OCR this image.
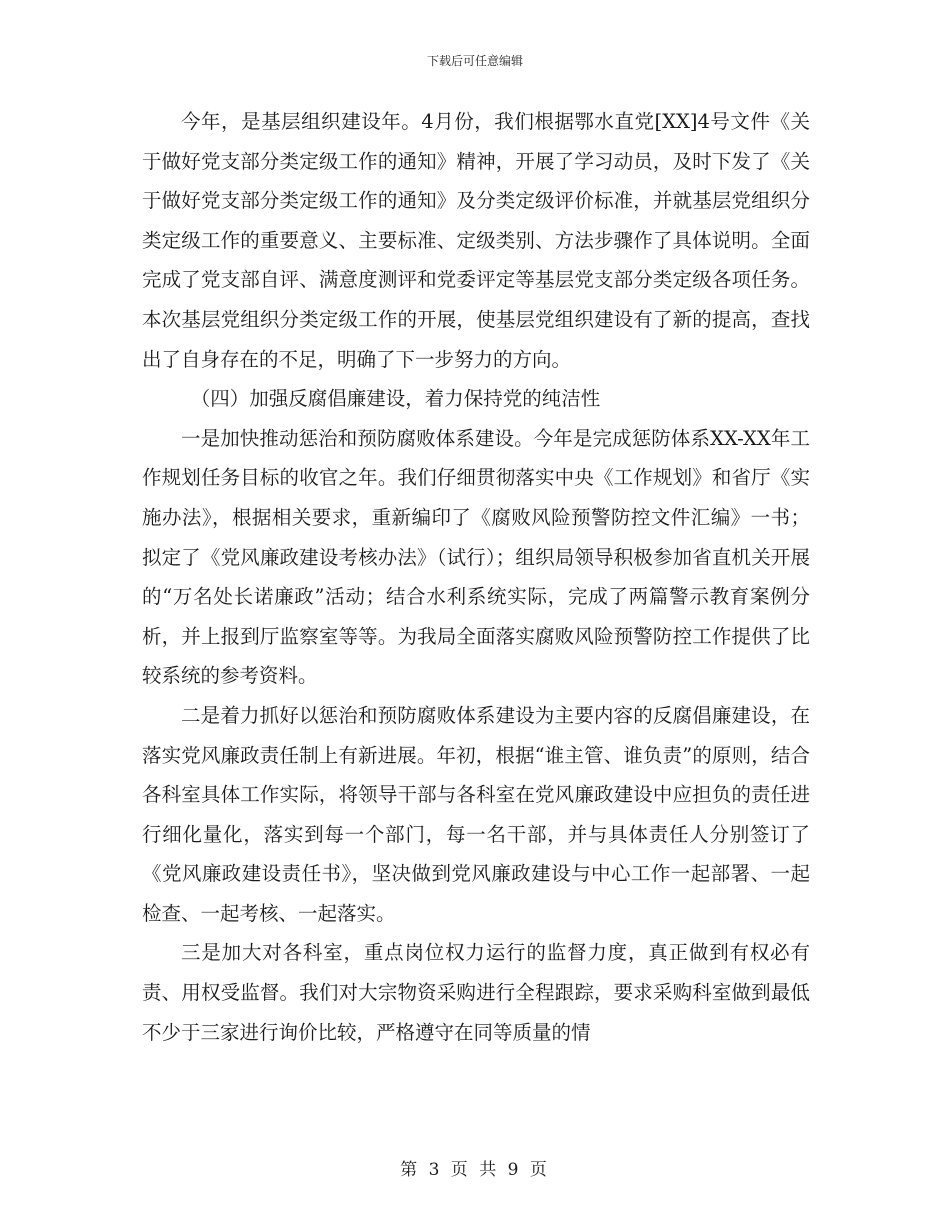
下载后可任意编辑

今年，是基层组织建设年。4月份，我们根据鄂水直党[XX]4号文件《关于做好党支部分类定级工作的通知》精神，开展了学习动员，及时下发了《关于做好党支部分类定级工作的通知》及分类定级评价标准，并就基层党组织分类定级工作的重要意义、主要标准、定级类别、方法步骤作了具体说明。全面完成了党支部自评、满意度测评和党委评定等基层党支部分类定级各项任务。本次基层党组织分类定级工作的开展，使基层党组织建设有了新的提高，查找出了自身存在的不足，明确了下一步努力的方向。

（四）加强反腐倡廉建设，着力保持党的纯洁性

一是加快推动惩治和预防腐败体系建设。今年是完成惩防体系XX-XX年工作规划任务目标的收官之年。我们仔细贯彻落实中央《工作规划》和省厅《实施办法》，根据相关要求，重新编印了《腐败风险预警防控文件汇编》一书；拟定了《党风廉政建设考核办法》（试行）；组织局领导积极参加省直机关开展的“万名处长诺廉政”活动；结合水利系统实际，完成了两篇警示教育案例分析，并上报到厅监察室等等。为我局全面落实腐败风险预警防控工作提供了比较系统的参考资料。

二是着力抓好以惩治和预防腐败体系建设为主要内容的反腐倡廉建设，在落实党风廉政责任制上有新进展。年初，根据“谁主管、谁负责”的原则，结合各科室具体工作实际，将领导干部与各科室在党风廉政建设中应担负的责任进行细化量化，落实到每一个部门，每一名干部，并与具体责任人分别签订了《党风廉政建设责任书》，坚决做到党风廉政建设与中心工作一起部署、一起检查、一起考核、一起落实。

三是加大对各科室，重点岗位权力运行的监督力度，真正做到有权必有责、用权受监督。我们对大宗物资采购进行全程跟踪，要求采购科室做到最低不少于三家进行询价比较，严格遵守在同等质量的情

第 3 页 共 9 页
